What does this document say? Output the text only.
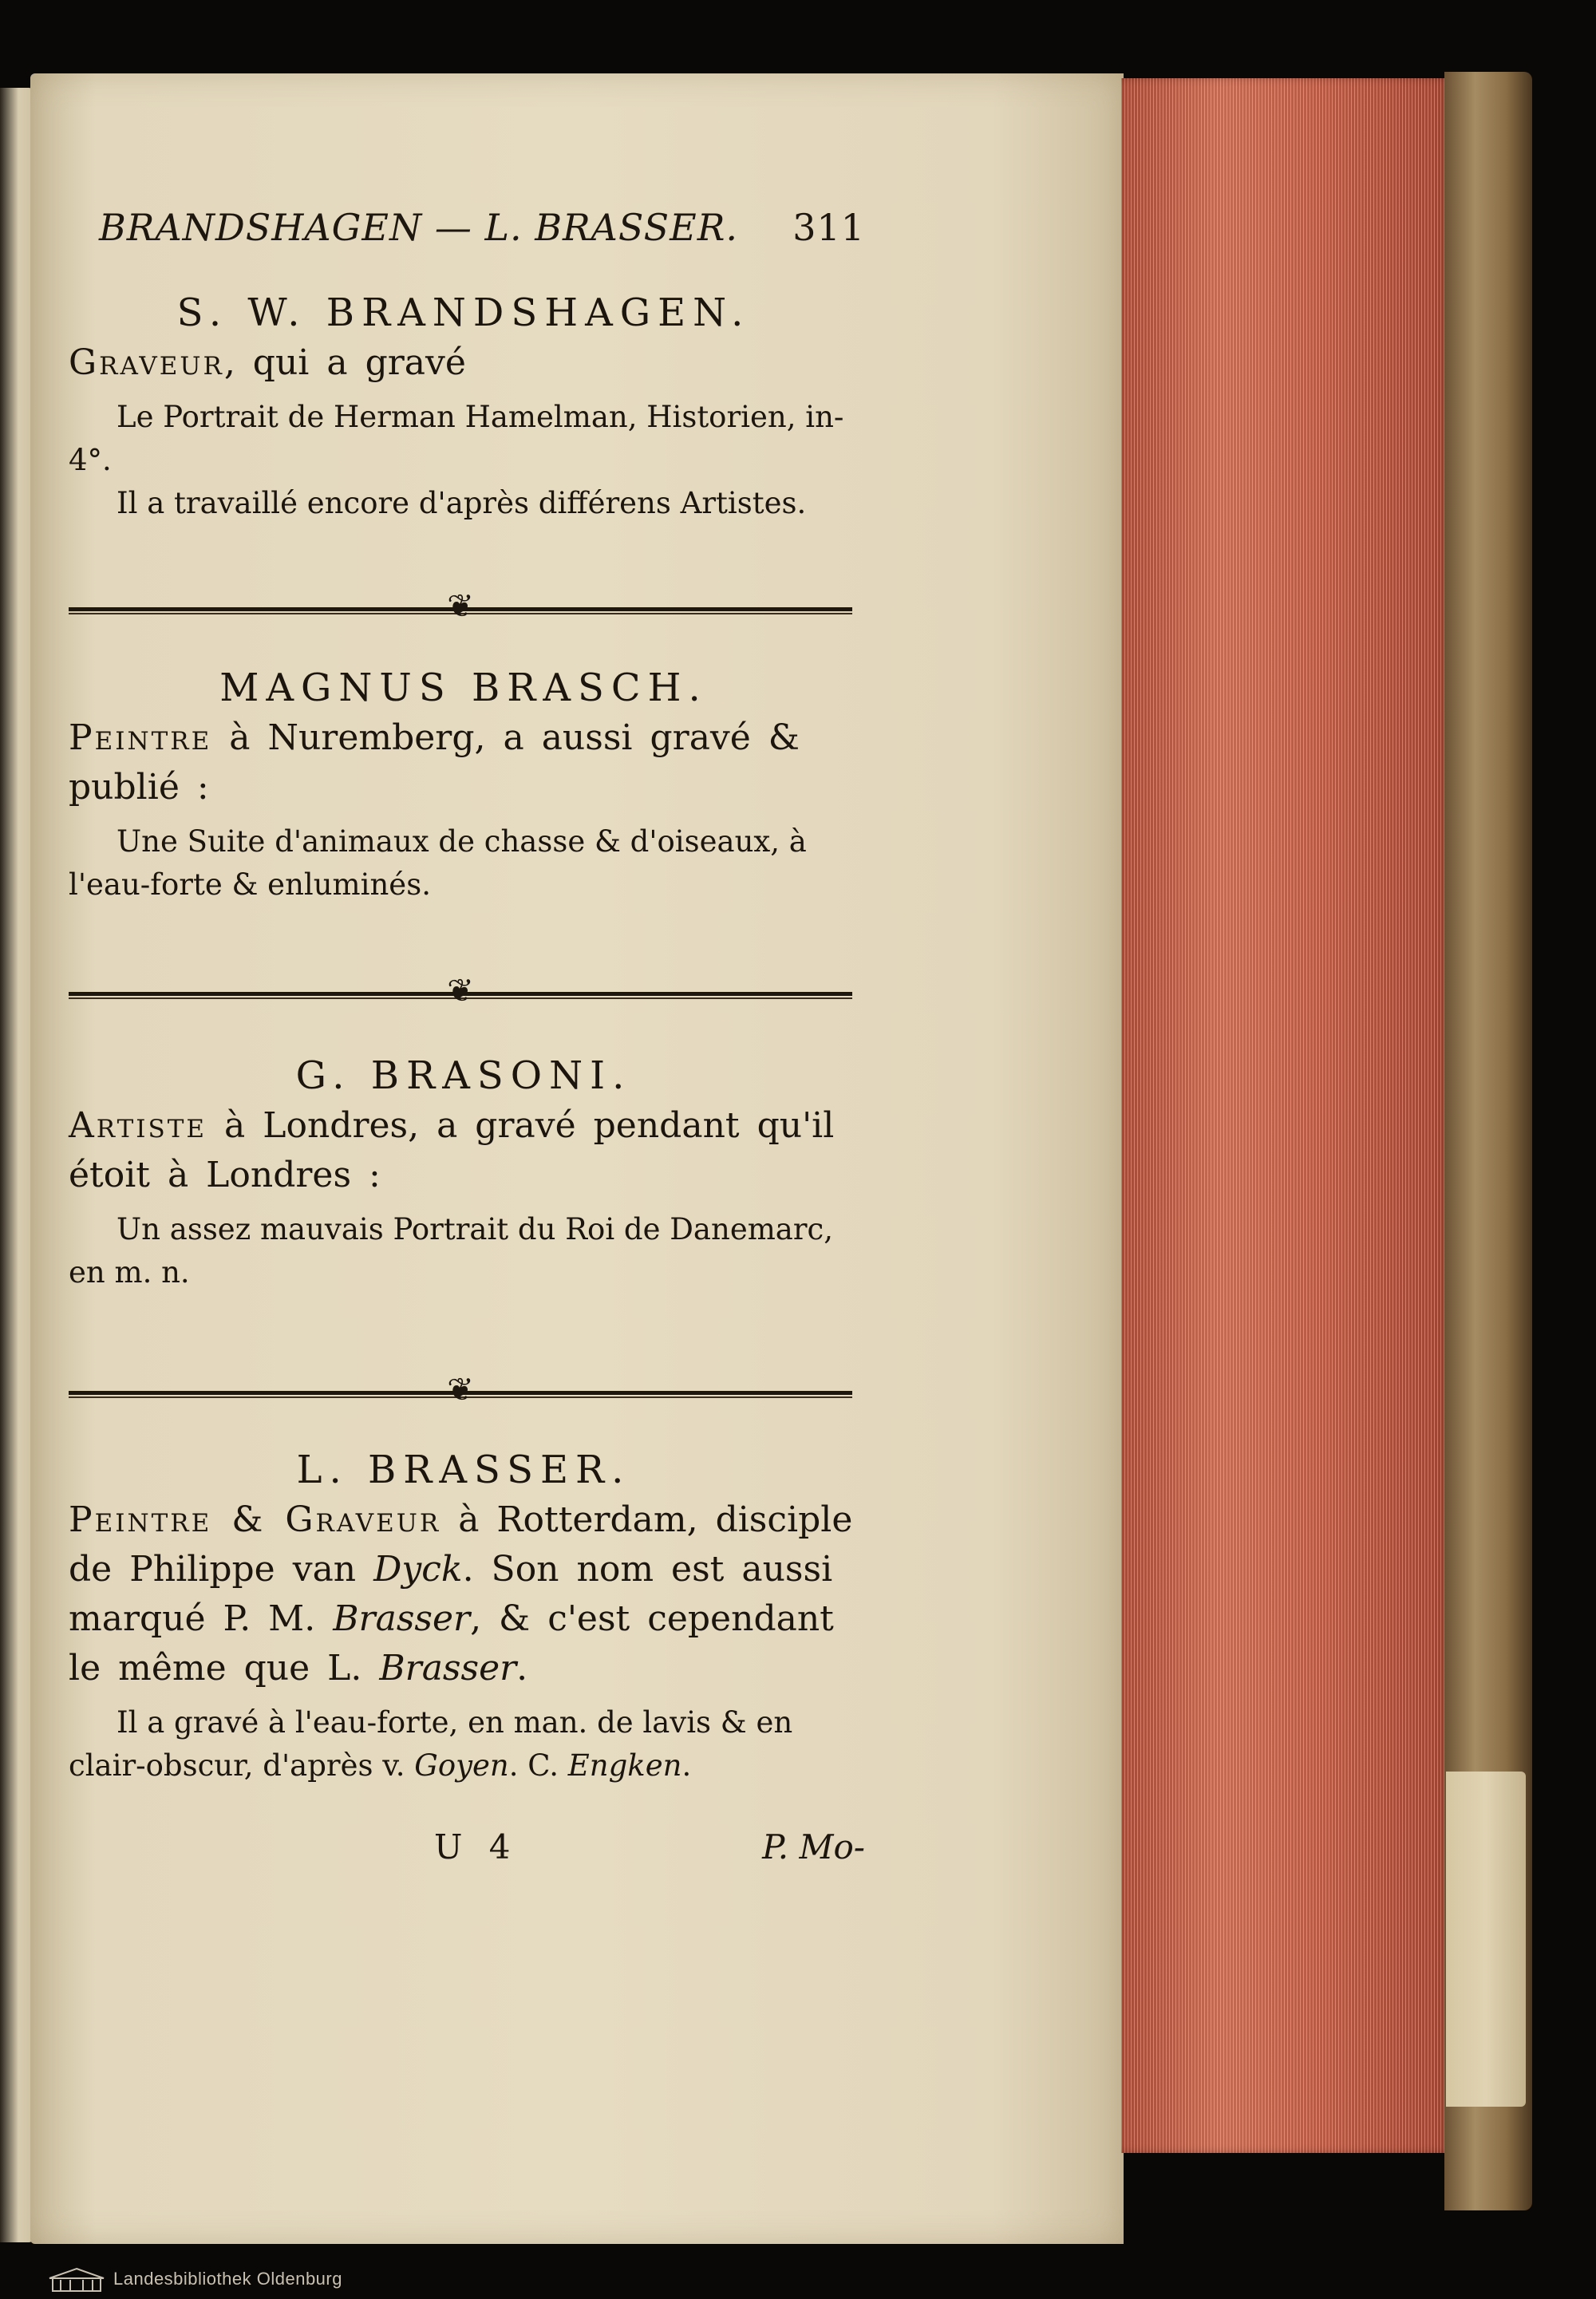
BRANDSHAGEN — L. BRASSER. 311
S. W. BRANDSHAGEN.

Graveur, qui a gravé

Le Portrait de Herman Hamelman, Historien, in-4°.

Il a travaillé encore d'après différens Artistes.

❦
MAGNUS BRASCH.

Peintre à Nuremberg, a aussi gravé & publié :

Une Suite d'animaux de chasse & d'oiseaux, à l'eau-forte & enluminés.

❦
G. BRASONI.

Artiste à Londres, a gravé pendant qu'il étoit à Londres :

Un assez mauvais Portrait du Roi de Danemarc, en m. n.

❦
L. BRASSER.

Peintre & Graveur à Rotterdam, disciple de Philippe van Dyck. Son nom est aussi marqué P. M. Brasser, & c'est cependant le même que L. Brasser.

Il a gravé à l'eau-forte, en man. de lavis & en clair-obscur, d'après v. Goyen. C. Engken.

U 4	P. Mo-
Landesbibliothek Oldenburg
